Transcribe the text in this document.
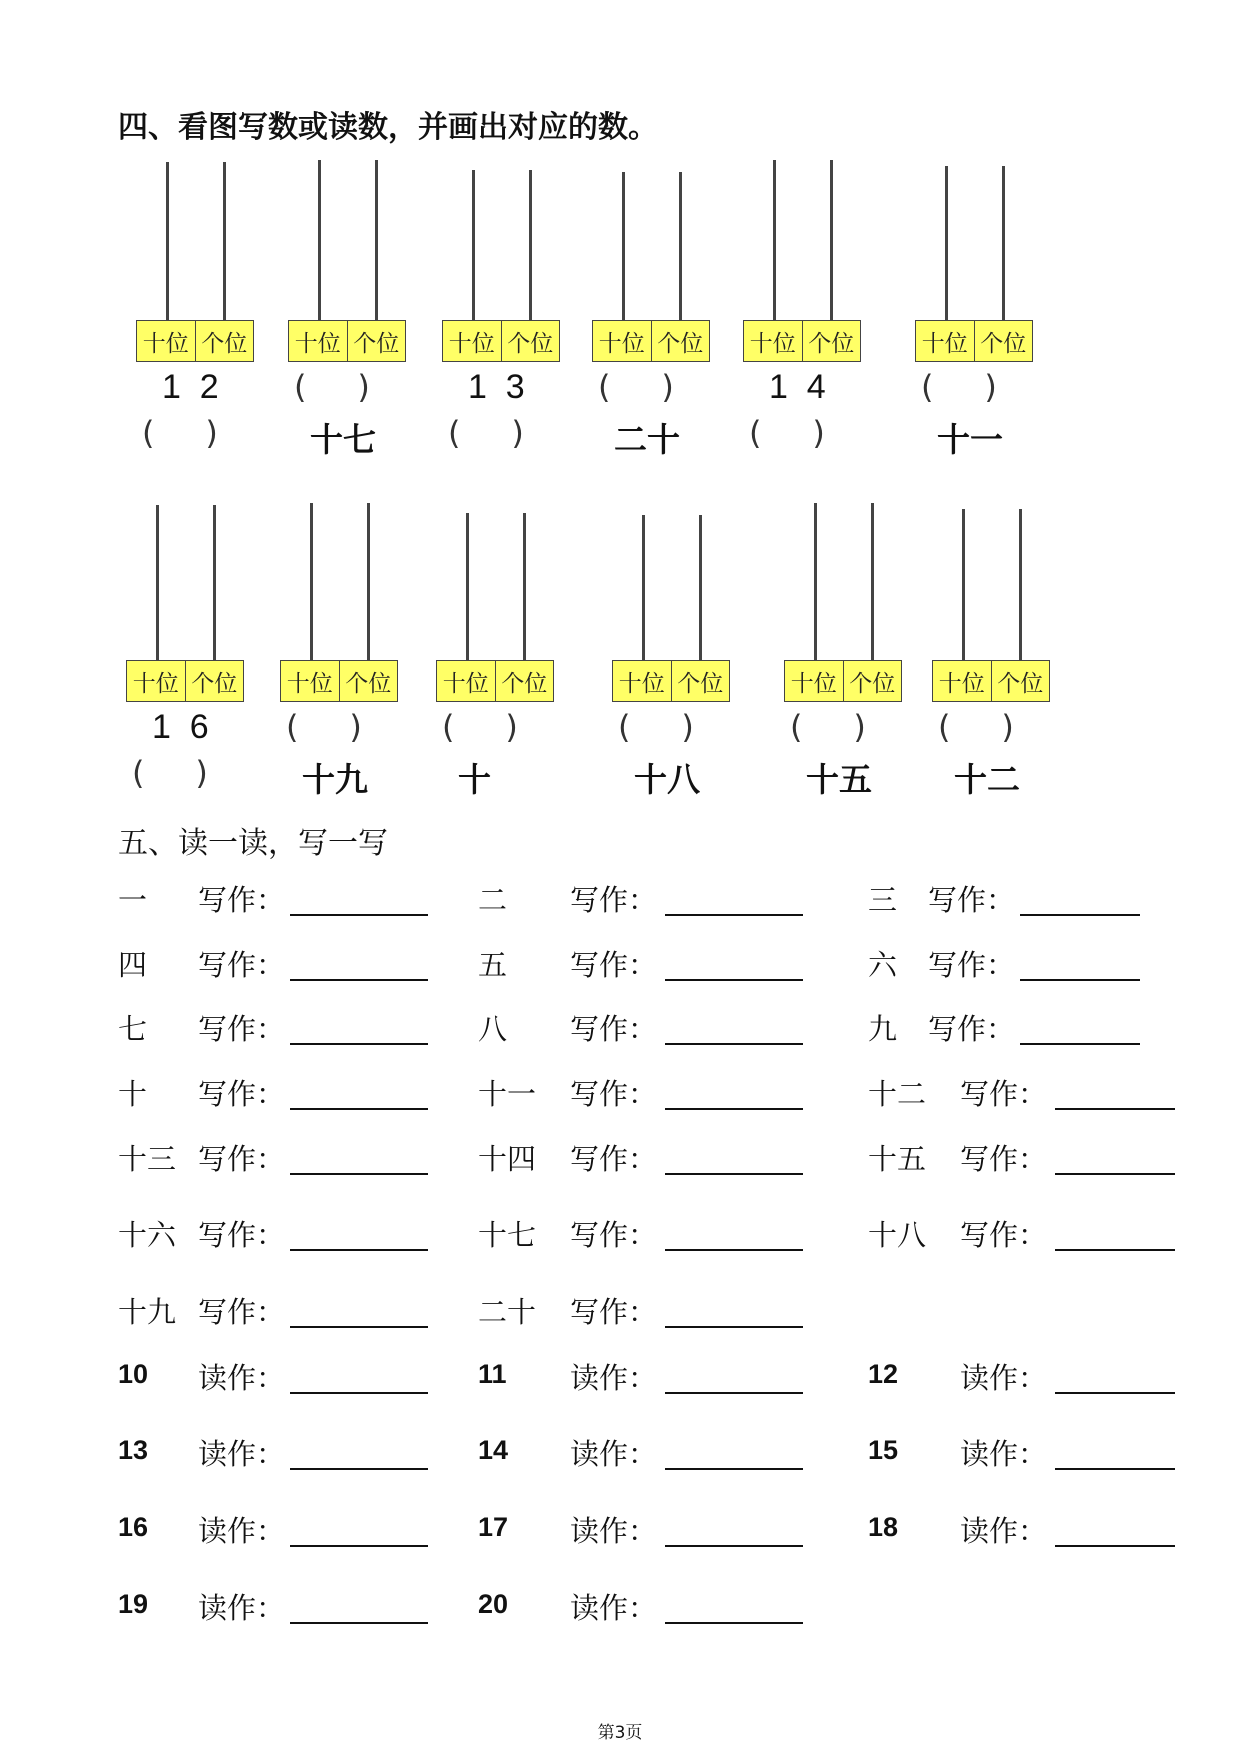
四、看图写数或读数，并画出对应的数。
十位 个位
1  2
(     )
十位 个位
(     )
十七
十位 个位
1  3
(     )
十位 个位
(     )
二十
十位 个位
1  4
(     )
十位 个位
(     )
十一
十位 个位
1  6
(     )
十位 个位
(     )
十九
十位 个位
(     )
十
十位 个位
(     )
十八
十位 个位
(     )
十五
十位 个位
(     )
十二
五、读一读，写一写
一 写作：	二 写作：	三 写作：
四 写作：	五 写作：	六 写作：
七 写作：	八 写作：	九 写作：
十 写作：	十一 写作：	十二 写作：
十三 写作：	十四 写作：	十五 写作：
十六 写作：	十七 写作：	十八 写作：
十九 写作：	二十 写作：
10 读作：	11 读作：	12 读作：
13 读作：	14 读作：	15 读作：
16 读作：	17 读作：	18 读作：
19 读作：	20 读作：
第3页
